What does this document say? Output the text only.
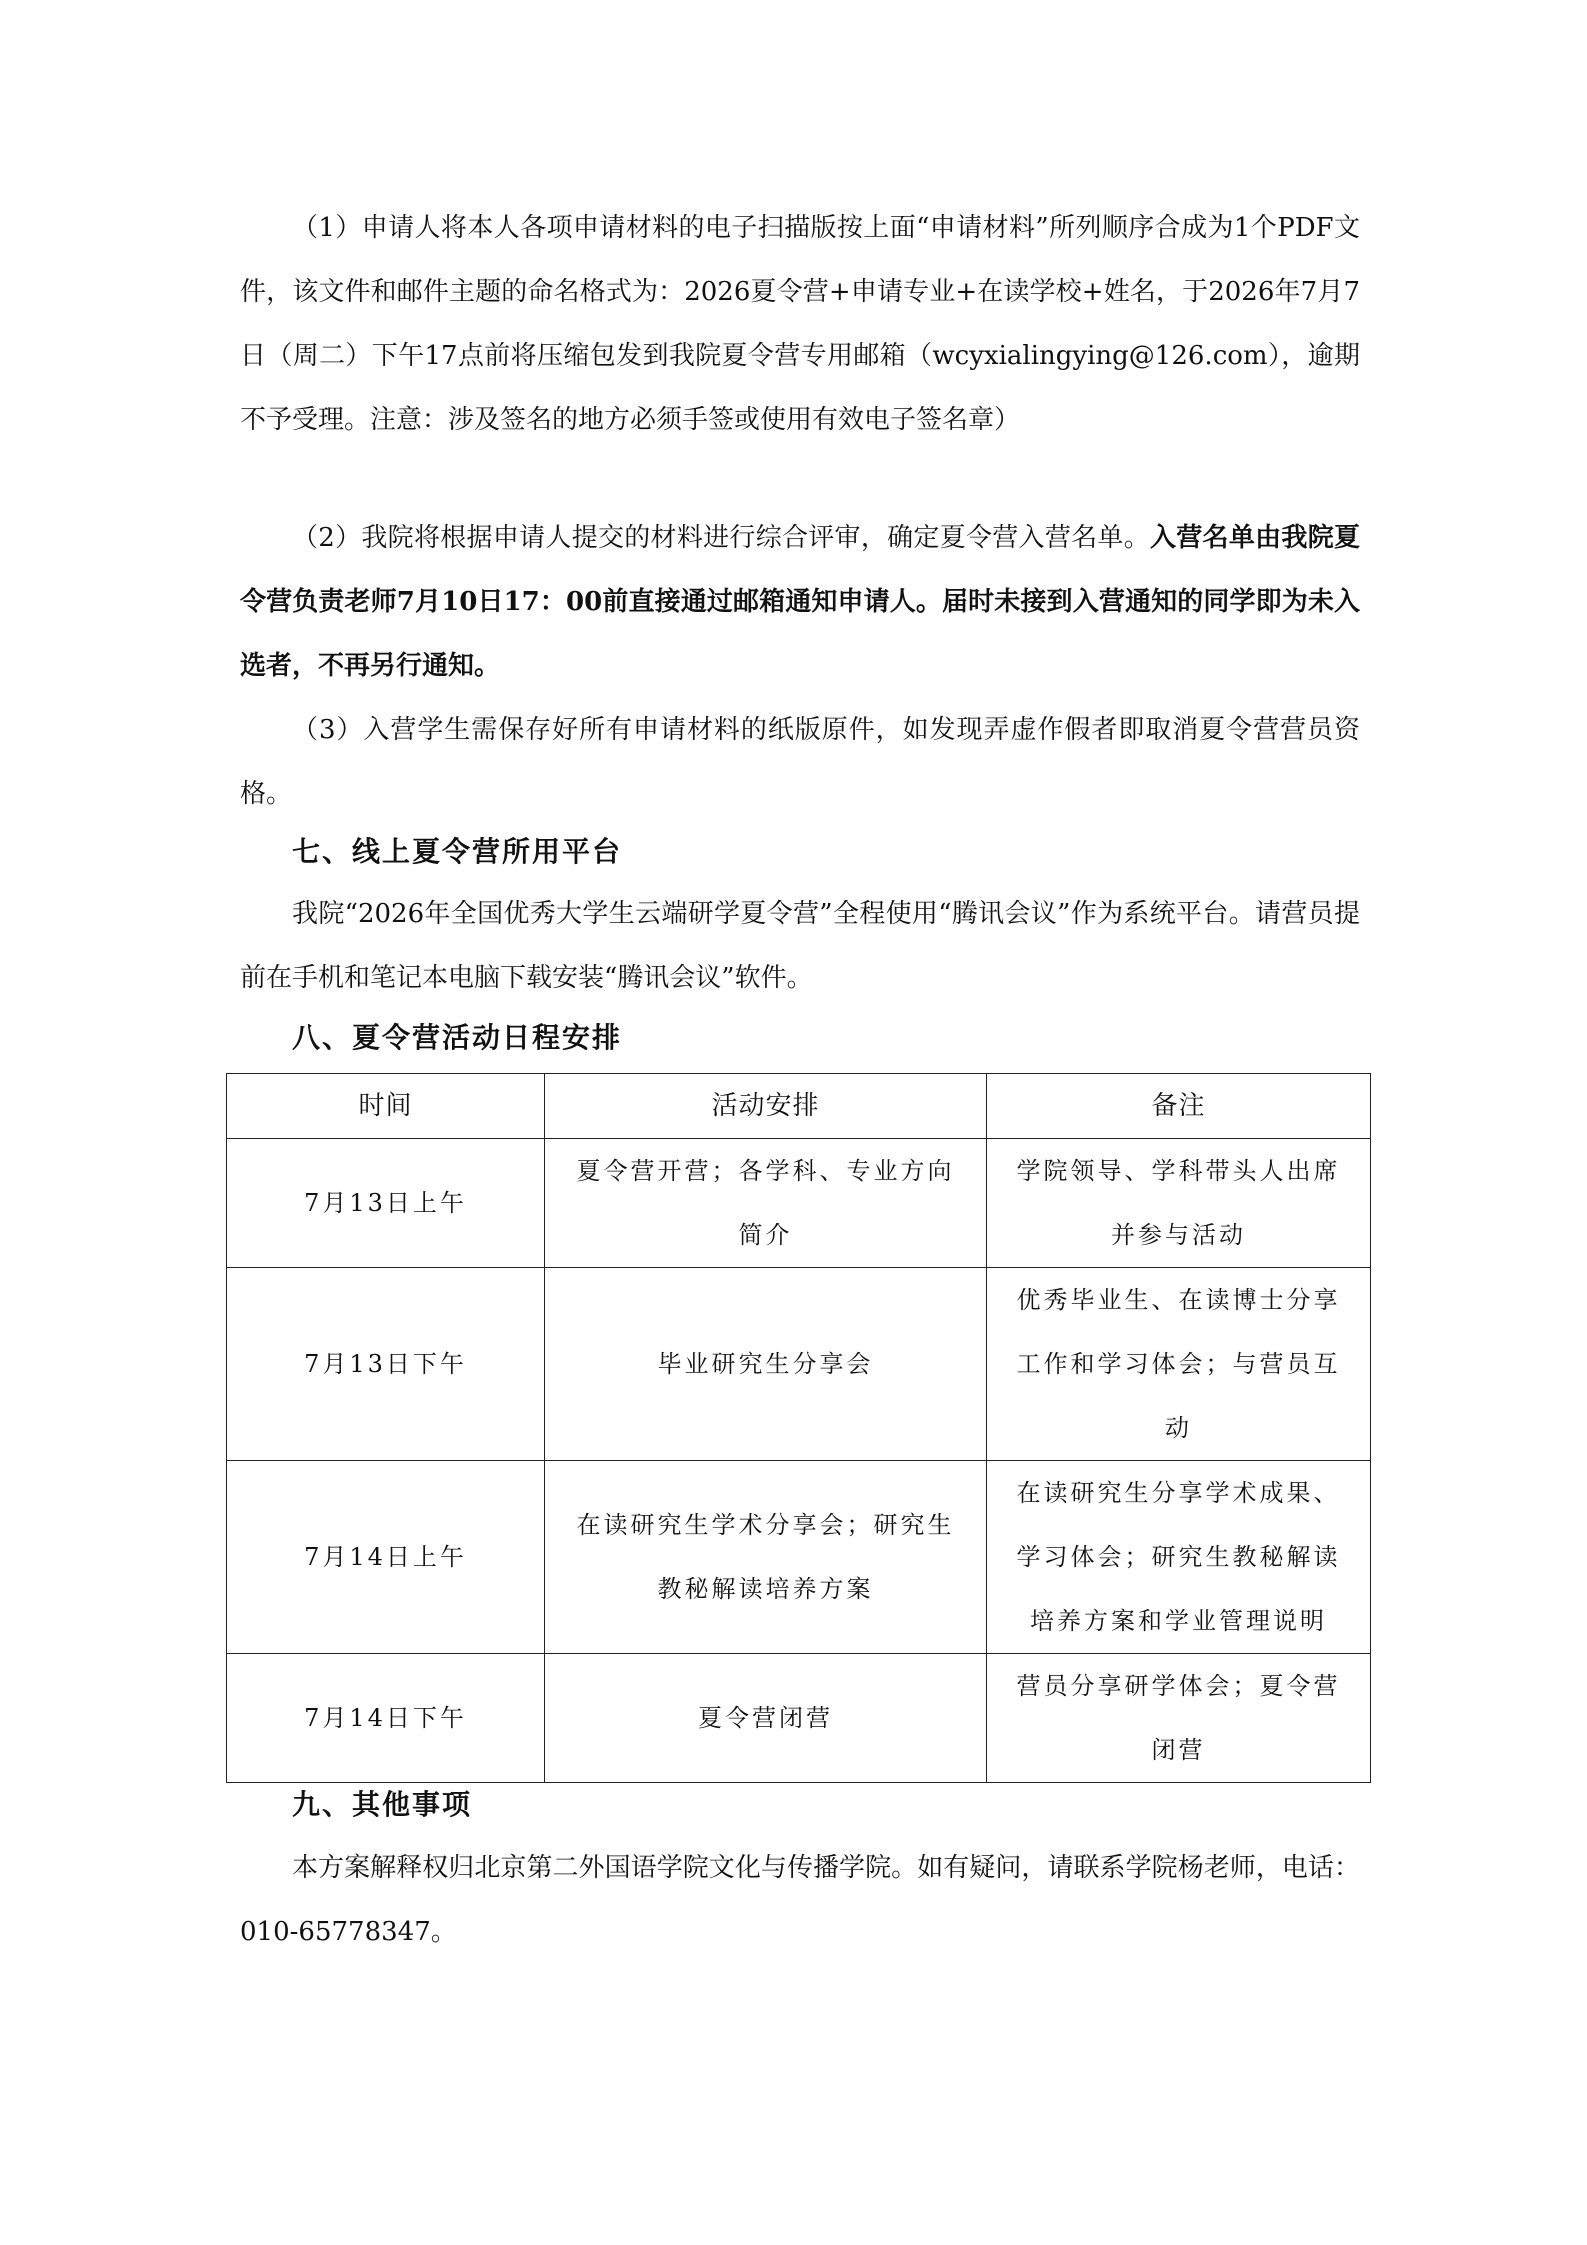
（1）申请人将本人各项申请材料的电子扫描版按上面“申请材料”所列顺序合成为1个PDF文件，该文件和邮件主题的命名格式为：2026夏令营+申请专业+在读学校+姓名，于2026年7月7日（周二）下午17点前将压缩包发到我院夏令营专用邮箱（wcyxialingying@126.com），逾期不予受理。注意：涉及签名的地方必须手签或使用有效电子签名章）

（2）我院将根据申请人提交的材料进行综合评审，确定夏令营入营名单。入营名单由我院夏令营负责老师7月10日17：00前直接通过邮箱通知申请人。届时未接到入营通知的同学即为未入选者，不再另行通知。

（3）入营学生需保存好所有申请材料的纸版原件，如发现弄虚作假者即取消夏令营营员资格。

七、线上夏令营所用平台

我院“2026年全国优秀大学生云端研学夏令营”全程使用“腾讯会议”作为系统平台。请营员提前在手机和笔记本电脑下载安装“腾讯会议”软件。

八、夏令营活动日程安排
时间	活动安排	备注
7月13日上午	夏令营开营；各学科、专业方向简介	学院领导、学科带头人出席并参与活动
7月13日下午	毕业研究生分享会	优秀毕业生、在读博士分享工作和学习体会；与营员互动
7月14日上午	在读研究生学术分享会；研究生教秘解读培养方案	在读研究生分享学术成果、学习体会；研究生教秘解读培养方案和学业管理说明
7月14日下午	夏令营闭营	营员分享研学体会；夏令营闭营
九、其他事项

本方案解释权归北京第二外国语学院文化与传播学院。如有疑问，请联系学院杨老师，电话：010-65778347。
